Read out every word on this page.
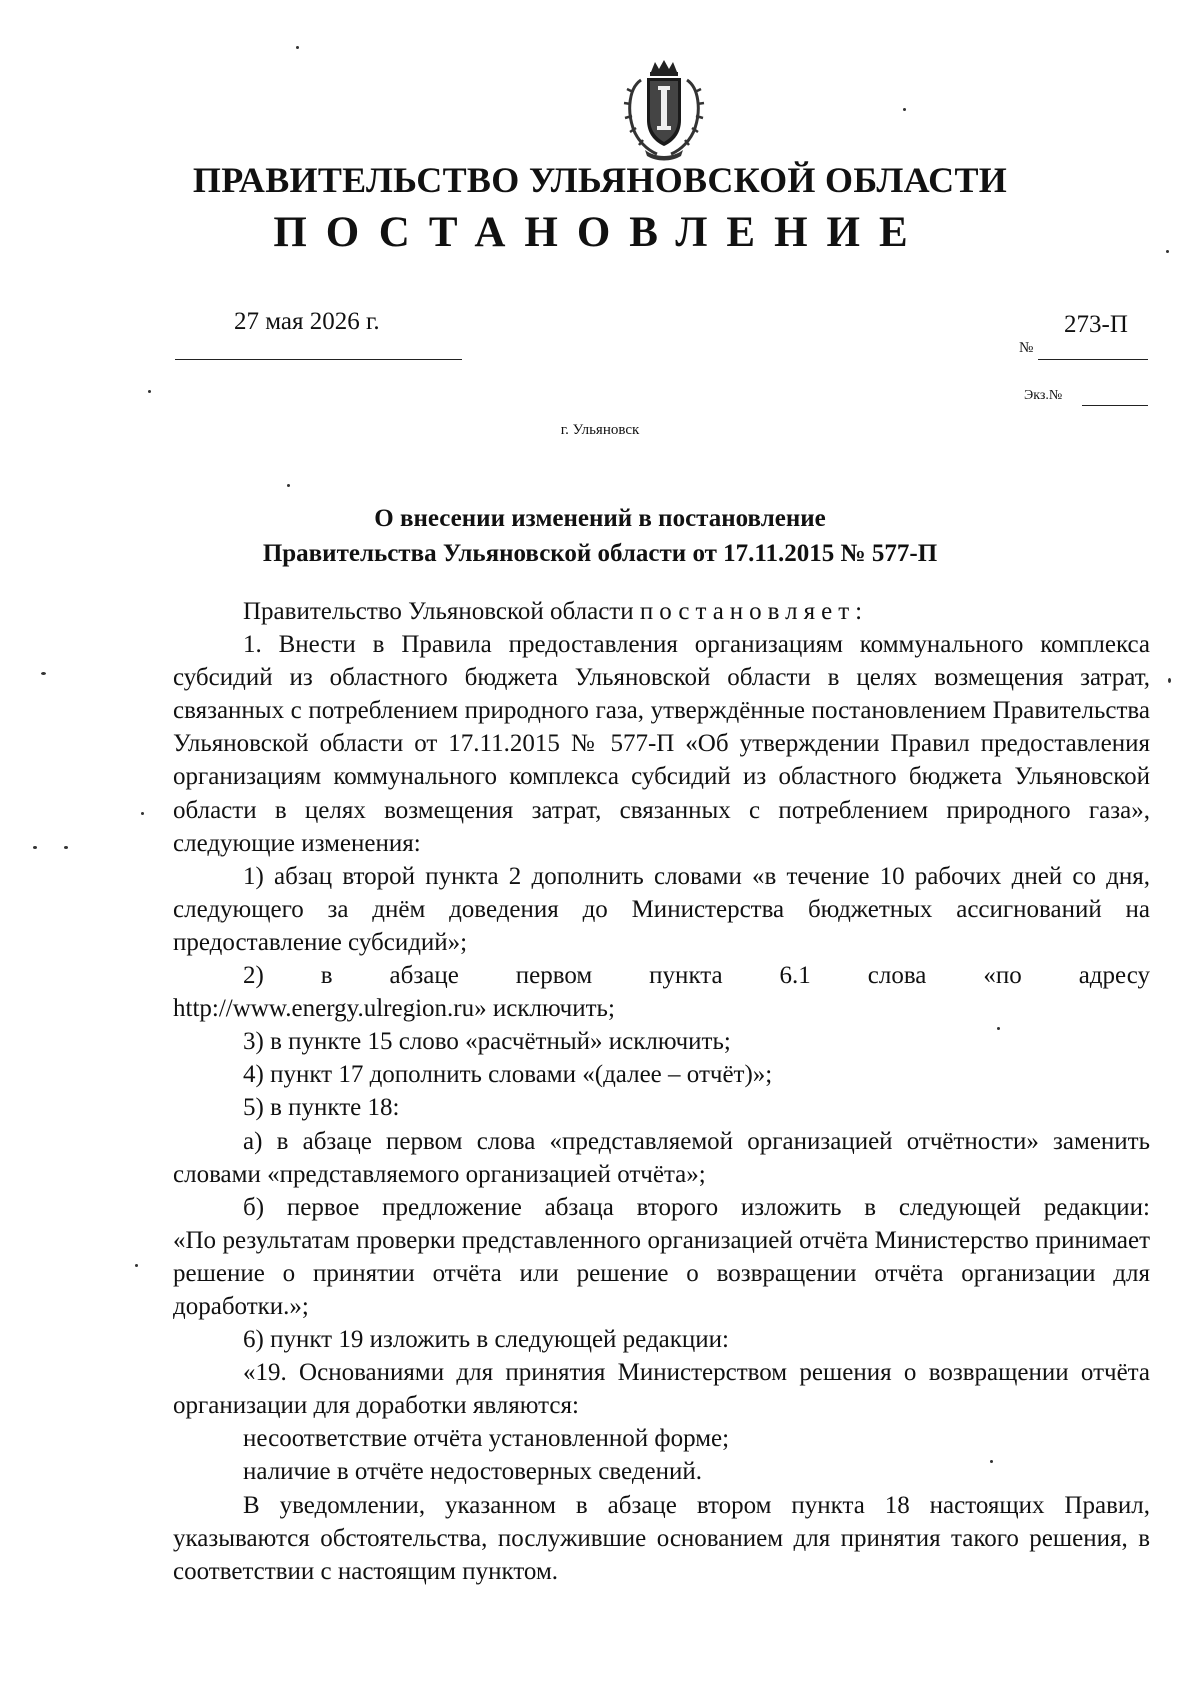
ПРАВИТЕЛЬСТВО УЛЬЯНОВСКОЙ ОБЛАСТИ
ПОСТАНОВЛЕНИЕ
27 мая 2026 г.
№
273-П
Экз.№
г. Ульяновск
О внесении изменений в постановление
Правительства Ульяновской области от 17.11.2015 № 577-П

Правительство Ульяновской области постановляет:

1. Внести в Правила предоставления организациям коммунального комплекса субсидий из областного бюджета Ульяновской области в целях возмещения затрат, связанных с потреблением природного газа, утверждённые постановлением Правительства Ульяновской области от 17.11.2015 № 577-П «Об утверждении Правил предоставления организациям коммунального комплекса субсидий из областного бюджета Ульяновской области в целях возмещения затрат, связанных с потреблением природного газа», следующие изменения:

1) абзац второй пункта 2 дополнить словами «в течение 10 рабочих дней со дня, следующего за днём доведения до Министерства бюджетных ассигнований на предоставление субсидий»;

2) в абзаце первом пункта 6.1 слова «по адресу

http://www.energy.ulregion.ru» исключить;

3) в пункте 15 слово «расчётный» исключить;

4) пункт 17 дополнить словами «(далее – отчёт)»;

5) в пункте 18:

а) в абзаце первом слова «представляемой организацией отчётности» заменить словами «представляемого организацией отчёта»;

б) первое предложение абзаца второго изложить в следующей редакции:

«По результатам проверки представленного организацией отчёта Министерство принимает решение о принятии отчёта или решение о возвращении отчёта организации для доработки.»;

6) пункт 19 изложить в следующей редакции:

«19. Основаниями для принятия Министерством решения о возвращении отчёта организации для доработки являются:

несоответствие отчёта установленной форме;

наличие в отчёте недостоверных сведений.

В уведомлении, указанном в абзаце втором пункта 18 настоящих Правил, указываются обстоятельства, послужившие основанием для принятия такого решения, в соответствии с настоящим пунктом.
